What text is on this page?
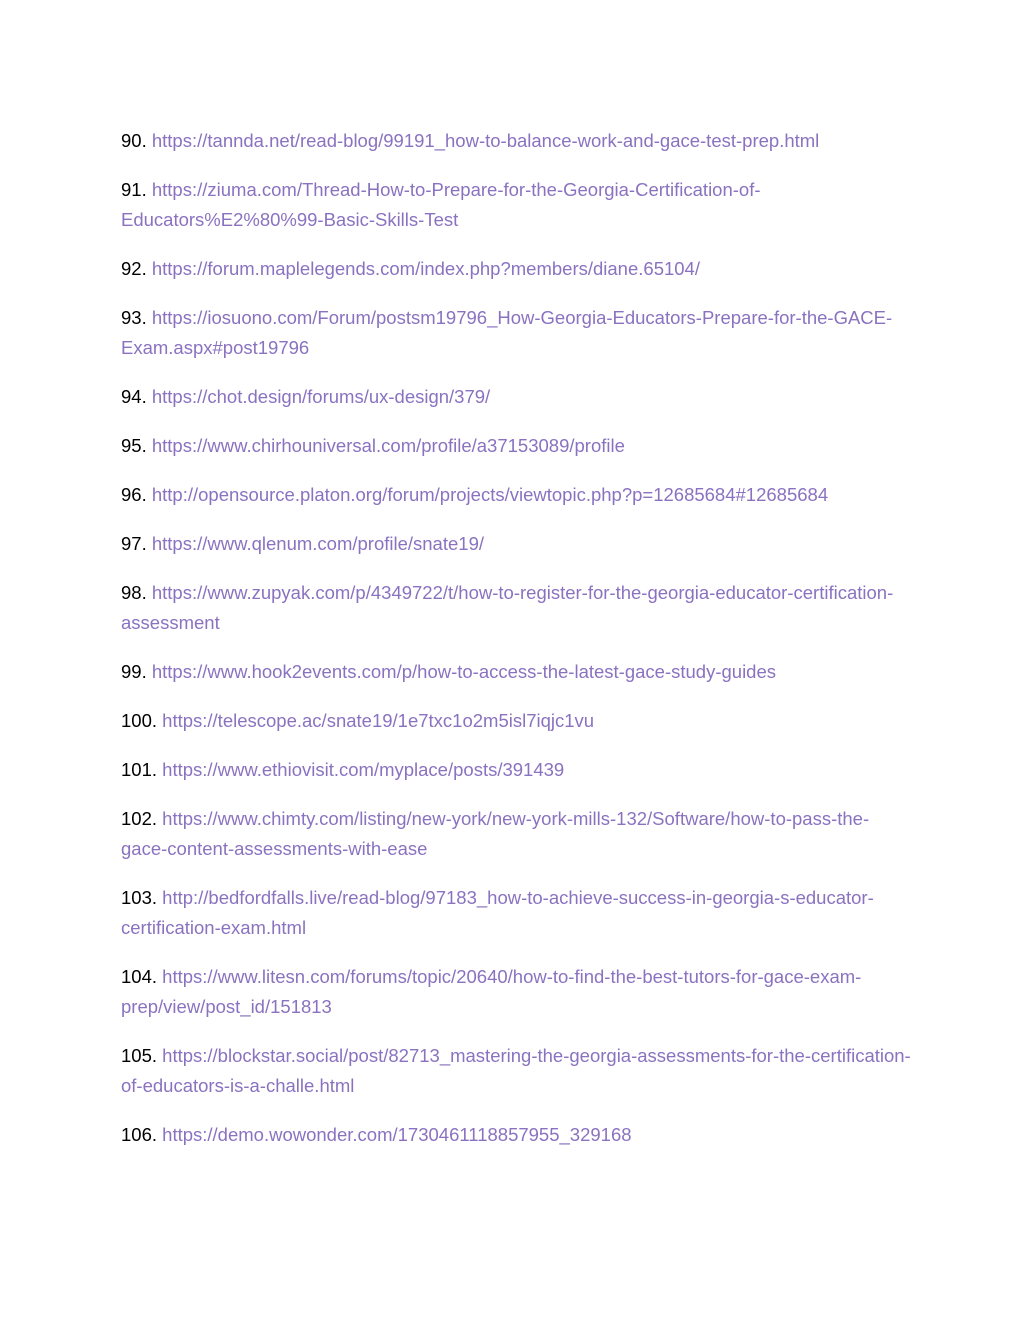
90. https://tannda.net/read-blog/99191_how-to-balance-work-and-gace-test-prep.html
91. https://ziuma.com/Thread-How-to-Prepare-for-the-Georgia-Certification-of-Educators%E2%80%99-Basic-Skills-Test
92. https://forum.maplelegends.com/index.php?members/diane.65104/
93. https://iosuono.com/Forum/postsm19796_How-Georgia-Educators-Prepare-for-the-GACE-Exam.aspx#post19796
94. https://chot.design/forums/ux-design/379/
95. https://www.chirhouniversal.com/profile/a37153089/profile
96. http://opensource.platon.org/forum/projects/viewtopic.php?p=12685684#12685684
97. https://www.qlenum.com/profile/snate19/
98. https://www.zupyak.com/p/4349722/t/how-to-register-for-the-georgia-educator-certification-assessment
99. https://www.hook2events.com/p/how-to-access-the-latest-gace-study-guides
100. https://telescope.ac/snate19/1e7txc1o2m5isl7iqjc1vu
101. https://www.ethiovisit.com/myplace/posts/391439
102. https://www.chimty.com/listing/new-york/new-york-mills-132/Software/how-to-pass-the-gace-content-assessments-with-ease
103. http://bedfordfalls.live/read-blog/97183_how-to-achieve-success-in-georgia-s-educator-certification-exam.html
104. https://www.litesn.com/forums/topic/20640/how-to-find-the-best-tutors-for-gace-exam-prep/view/post_id/151813
105. https://blockstar.social/post/82713_mastering-the-georgia-assessments-for-the-certification-of-educators-is-a-challe.html
106. https://demo.wowonder.com/1730461118857955_329168
